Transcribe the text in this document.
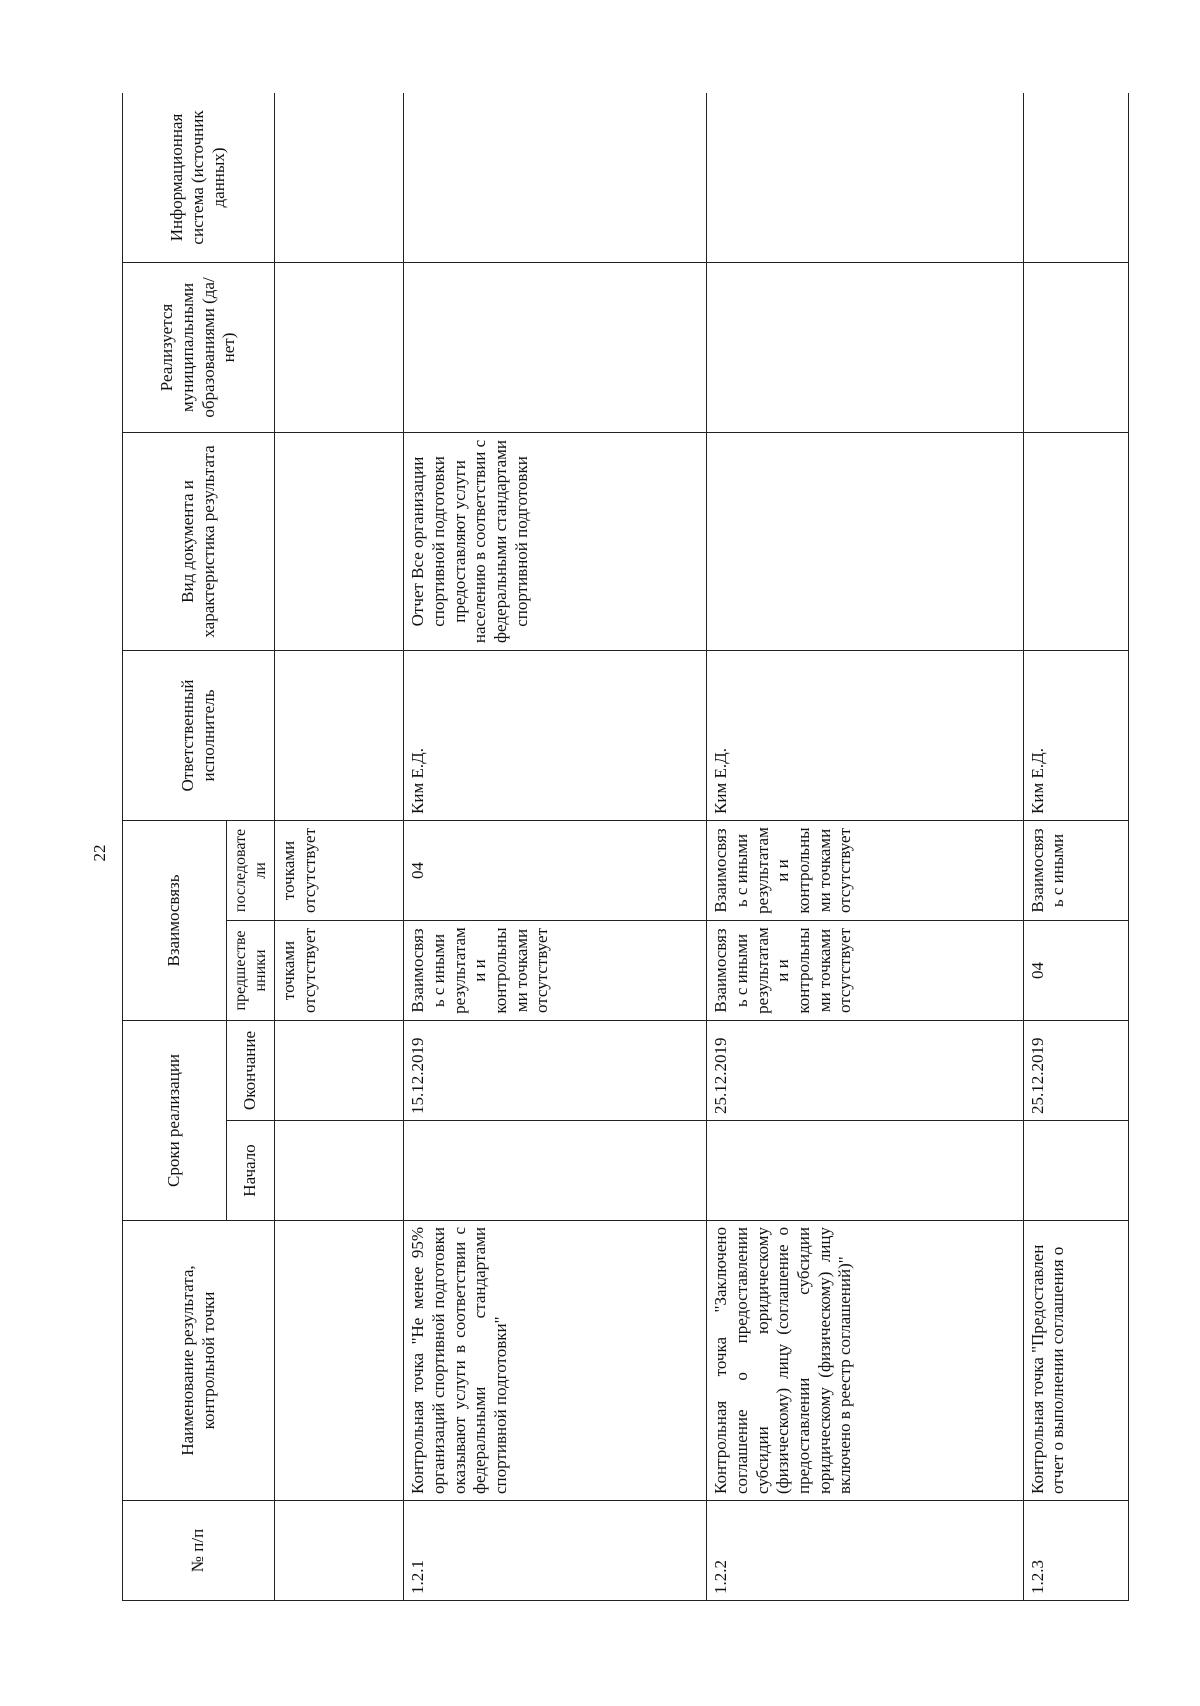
22
№ п/п	Наименование результата, контрольной точки	Сроки реализации		Взаимосвязь		Ответственный исполнитель	Вид документа и характеристика результата	Реализуется муниципальными образованиями (да/нет)	Информационная система (источник данных)
		Начало	Окончание	предшественники	последователи				
				точками отсутствует	точками отсутствует				
1.2.1	Контрольная точка "Не менее 95% организаций спортивной подготовки оказывают услуги в соответствии с федеральными стандартами спортивной подготовки"		15.12.2019	Взаимосвязь с иными результатами и контрольными точками отсутствует	04	Ким Е.Д.	Отчет Все организации спортивной подготовки предоставляют услуги населению в соответствии с федеральными стандартами спортивной подготовки		
1.2.2	Контрольная точка "Заключено соглашение о предоставлении субсидии юридическому (физическому) лицу (соглашение о предоставлении субсидии юридическому (физическому) лицу включено в реестр соглашений)"		25.12.2019	Взаимосвязь с иными результатами и контрольными точками отсутствует	Взаимосвязь с иными результатами и контрольными точками отсутствует	Ким Е.Д.			
1.2.3	Контрольная точка "Предоставлен отчет о выполнении соглашения о		25.12.2019	04	Взаимосвязь с иными	Ким Е.Д.			
